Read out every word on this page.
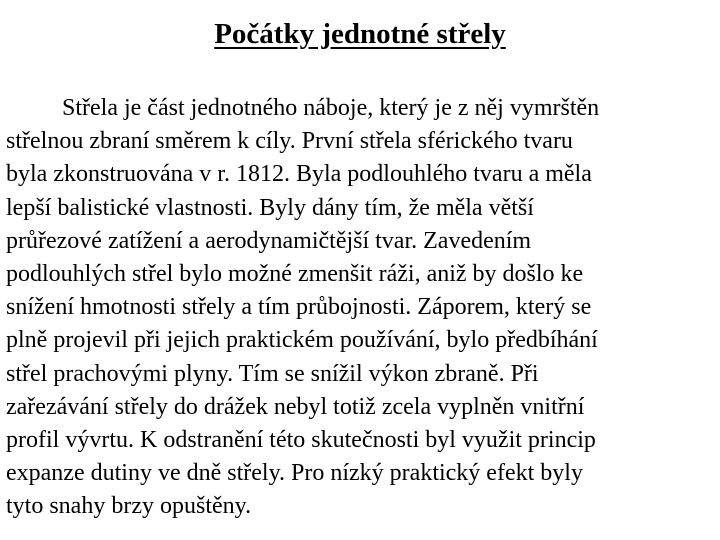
Počátky jednotné střely
Střela je část jednotného náboje, který je z něj vymrštěn
střelnou zbraní směrem k cíly. První střela sférického tvaru
byla zkonstruována v r. 1812. Byla podlouhlého tvaru a měla
lepší balistické vlastnosti. Byly dány tím, že měla větší
průřezové zatížení a aerodynamičtější tvar. Zavedením
podlouhlých střel bylo možné zmenšit ráži, aniž by došlo ke
snížení hmotnosti střely a tím průbojnosti. Záporem, který se
plně projevil při jejich praktickém používání, bylo předbíhání
střel prachovými plyny. Tím se snížil výkon zbraně. Při
zařezávání střely do drážek nebyl totiž zcela vyplněn vnitřní
profil vývrtu. K odstranění této skutečnosti byl využit princip
expanze dutiny ve dně střely. Pro nízký praktický efekt byly
tyto snahy brzy opuštěny.
